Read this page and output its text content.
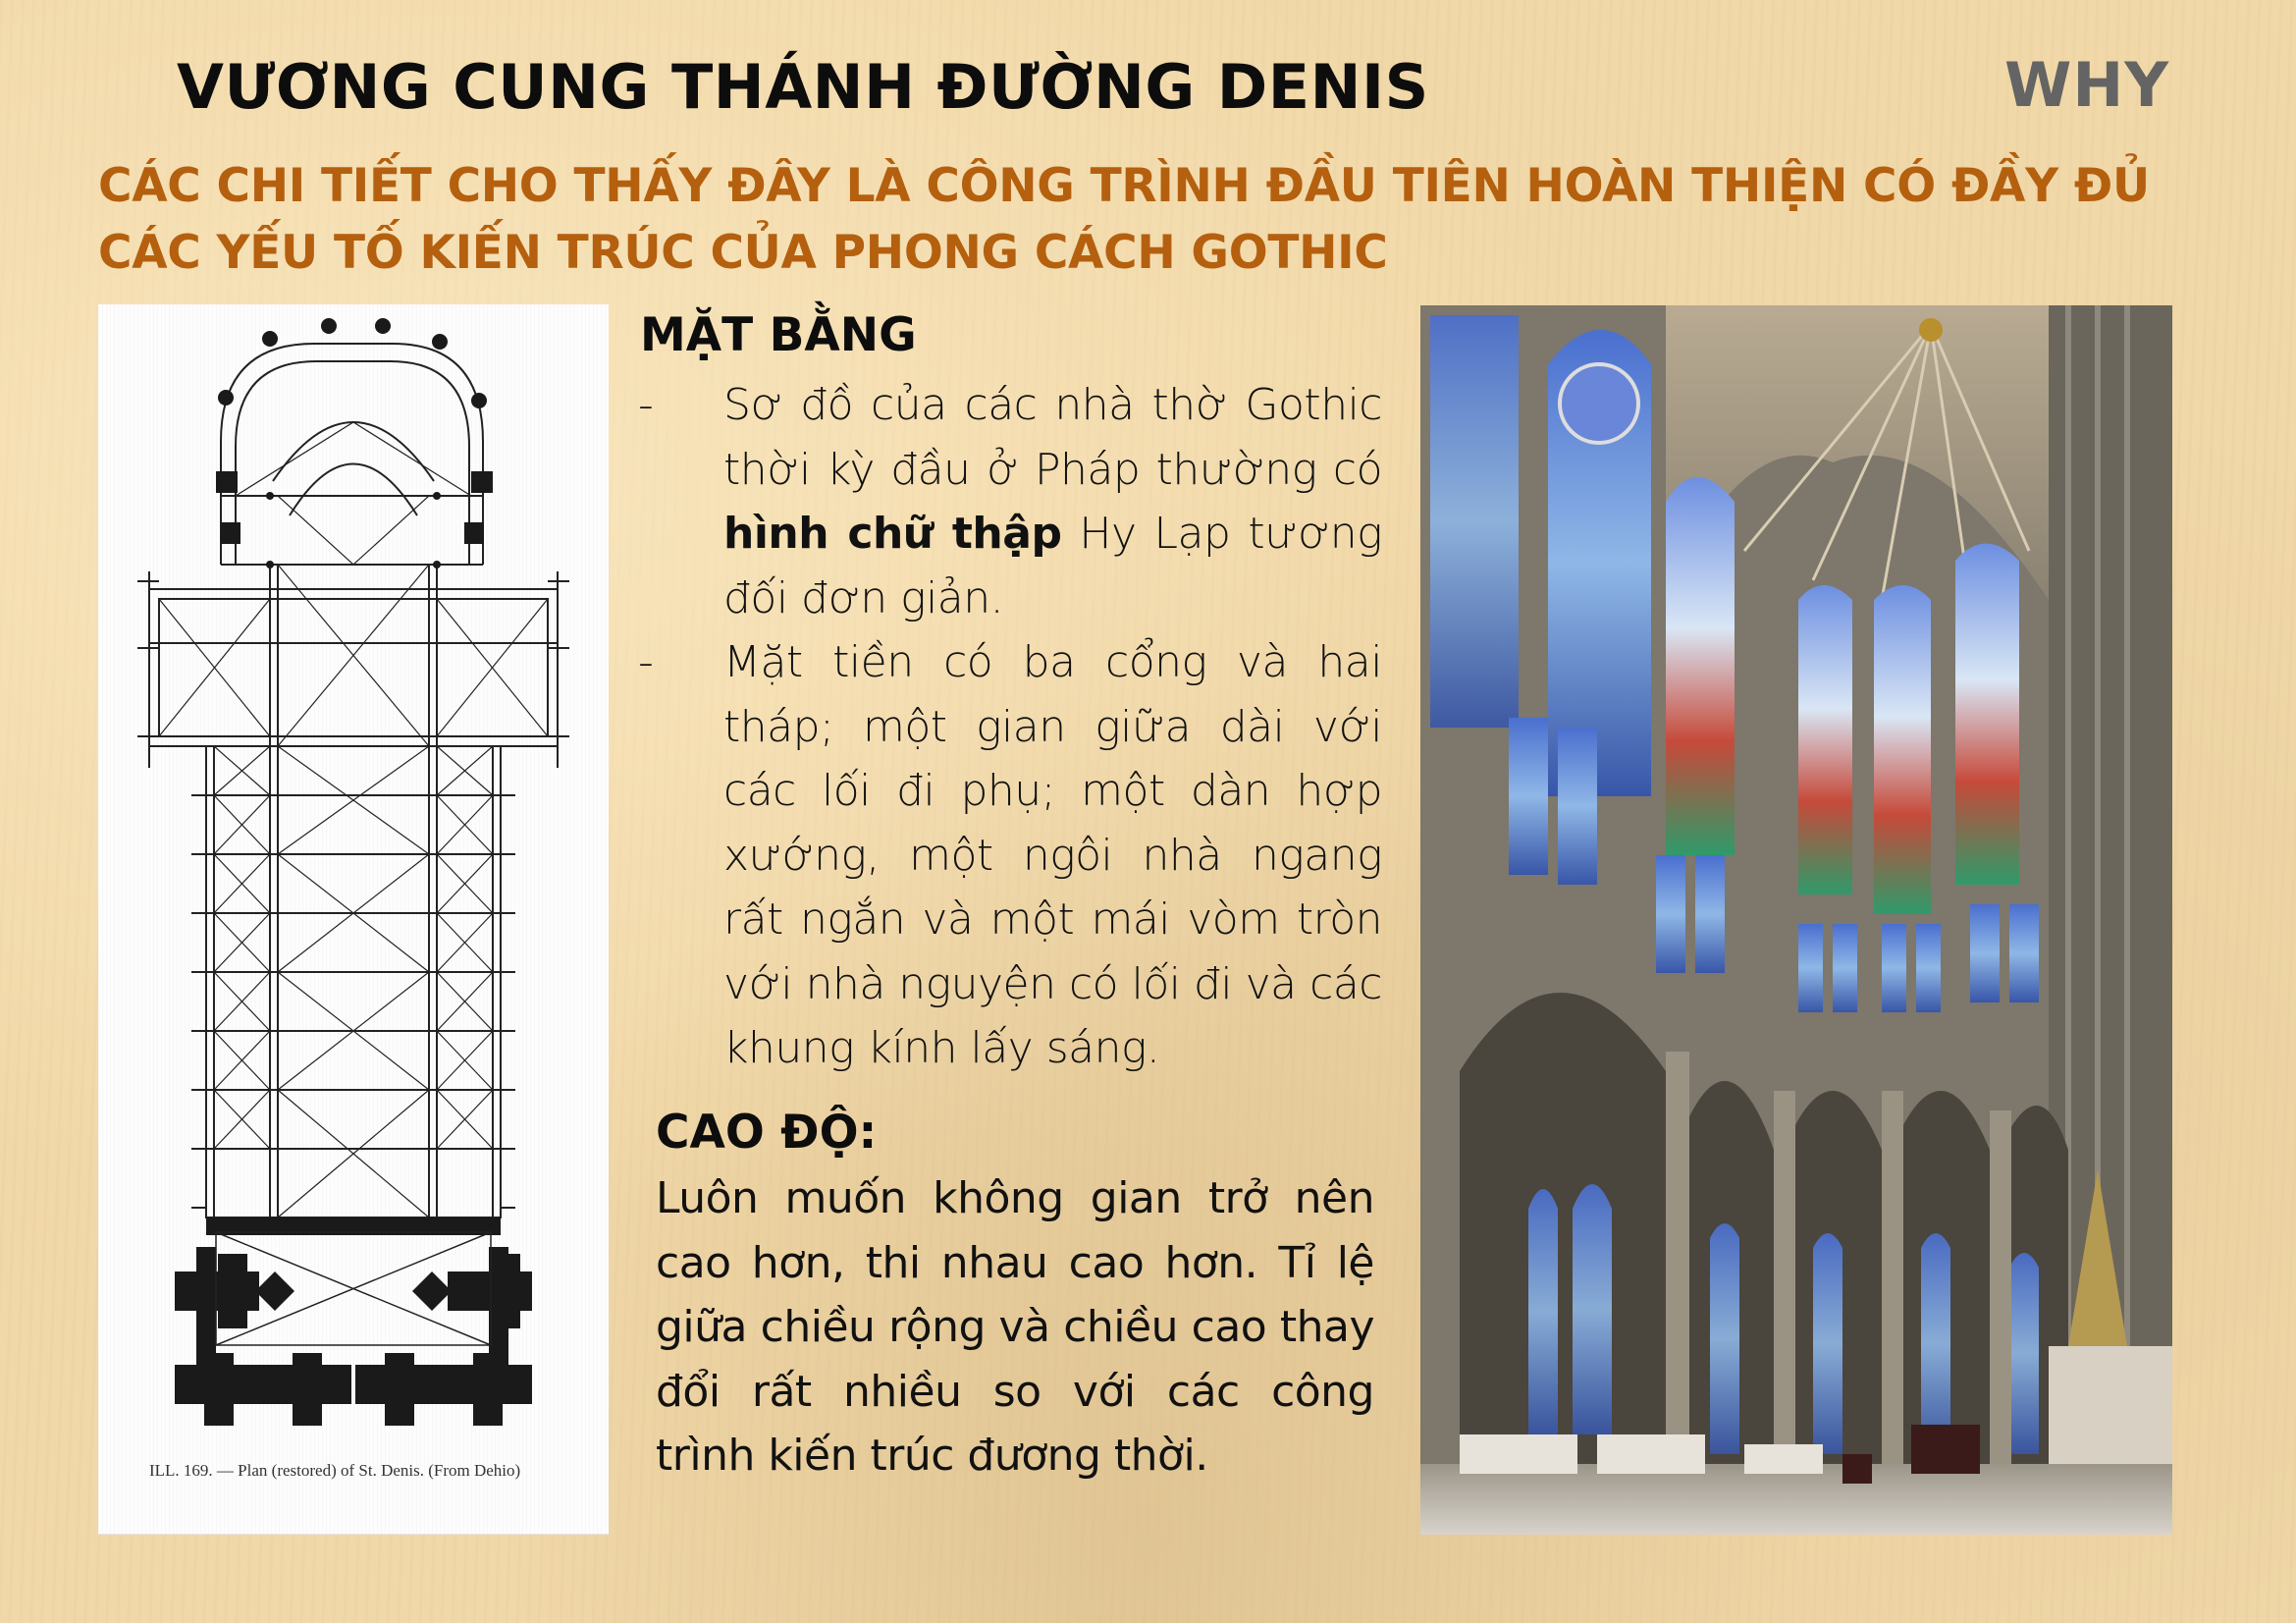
VƯƠNG CUNG THÁNH ĐƯỜNG DENIS	WHY
CÁC CHI TIẾT CHO THẤY ĐÂY LÀ CÔNG TRÌNH ĐẦU TIÊN HOÀN THIỆN CÓ ĐẦY ĐỦ CÁC YẾU TỐ KIẾN TRÚC CỦA PHONG CÁCH GOTHIC
ILL. 169. — Plan (restored) of St. Denis. (From Dehio)
MẶT BẰNG
- Sơ đồ của các nhà thờ Gothic thời kỳ đầu ở Pháp thường có hình chữ thập Hy Lạp tương đối đơn giản.
- Mặt tiền có ba cổng và hai tháp; một gian giữa dài với các lối đi phụ; một dàn hợp xướng, một ngôi nhà ngang rất ngắn và một mái vòm tròn với nhà nguyện có lối đi và các khung kính lấy sáng.
CAO ĐỘ:
Luôn muốn không gian trở nên cao hơn, thi nhau cao hơn. Tỉ lệ giữa chiều rộng và chiều cao thay đổi rất nhiều so với các công trình kiến trúc đương thời.
